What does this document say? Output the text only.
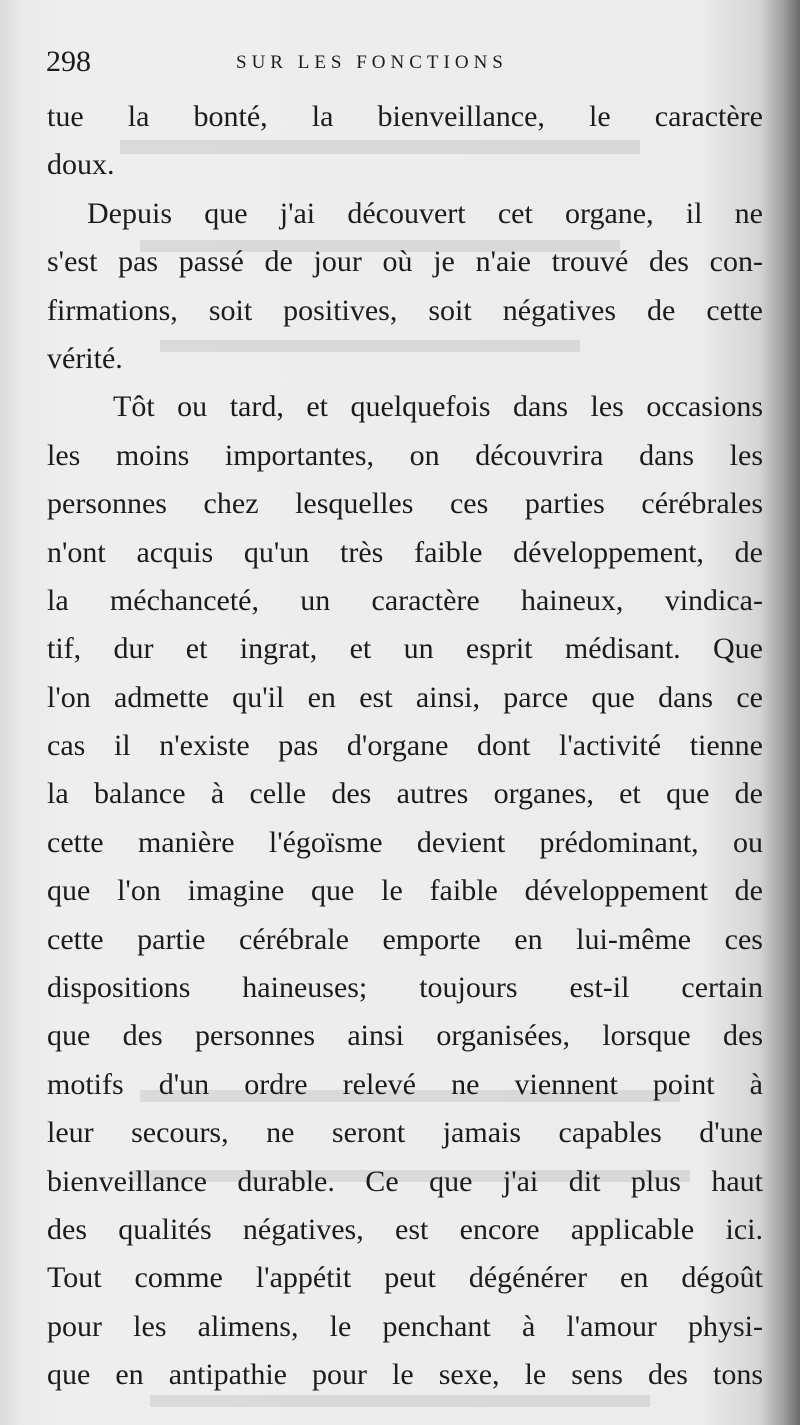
298	SUR LES FONCTIONS
tue la bonté, la bienveillance, le caractère
doux.
Depuis que j'ai découvert cet organe, il ne
s'est pas passé de jour où je n'aie trouvé des con-
firmations, soit positives, soit négatives de cette
vérité.
Tôt ou tard, et quelquefois dans les occasions
les moins importantes, on découvrira dans les
personnes chez lesquelles ces parties cérébrales
n'ont acquis qu'un très faible développement, de
la méchanceté, un caractère haineux, vindica-
tif, dur et ingrat, et un esprit médisant. Que
l'on admette qu'il en est ainsi, parce que dans ce
cas il n'existe pas d'organe dont l'activité tienne
la balance à celle des autres organes, et que de
cette manière l'égoïsme devient prédominant, ou
que l'on imagine que le faible développement de
cette partie cérébrale emporte en lui-même ces
dispositions haineuses; toujours est-il certain
que des personnes ainsi organisées, lorsque des
motifs d'un ordre relevé ne viennent point à
leur secours, ne seront jamais capables d'une
bienveillance durable. Ce que j'ai dit plus haut
des qualités négatives, est encore applicable ici.
Tout comme l'appétit peut dégénérer en dégoût
pour les alimens, le penchant à l'amour physi-
que en antipathie pour le sexe, le sens des tons
